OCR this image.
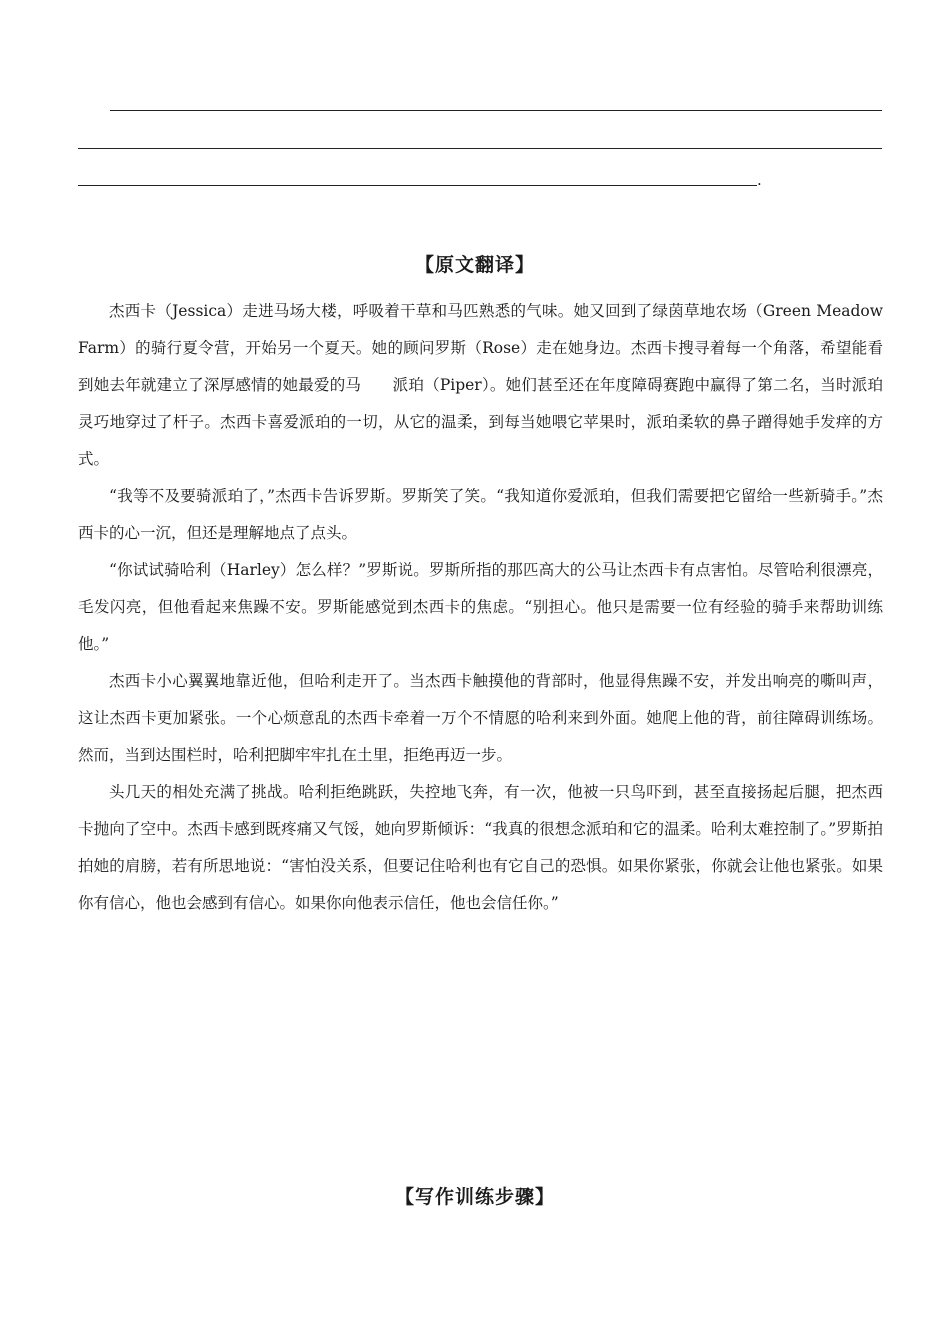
.
【原文翻译】

杰西卡（Jessica）走进马场大楼，呼吸着干草和马匹熟悉的气味。她又回到了绿茵草地农场（Green Meadow Farm）的骑行夏令营，开始另一个夏天。她的顾问罗斯（Rose）走在她身边。杰西卡搜寻着每一个角落，希望能看到她去年就建立了深厚感情的她最爱的马　　派珀（Piper）。她们甚至还在年度障碍赛跑中赢得了第二名，当时派珀灵巧地穿过了杆子。杰西卡喜爱派珀的一切，从它的温柔，到每当她喂它苹果时，派珀柔软的鼻子蹭得她手发痒的方式。

“我等不及要骑派珀了，”杰西卡告诉罗斯。罗斯笑了笑。“我知道你爱派珀，但我们需要把它留给一些新骑手。”杰西卡的心一沉，但还是理解地点了点头。

“你试试骑哈利（Harley）怎么样？”罗斯说。罗斯所指的那匹高大的公马让杰西卡有点害怕。尽管哈利很漂亮，毛发闪亮，但他看起来焦躁不安。罗斯能感觉到杰西卡的焦虑。“别担心。他只是需要一位有经验的骑手来帮助训练他。”

杰西卡小心翼翼地靠近他，但哈利走开了。当杰西卡触摸他的背部时，他显得焦躁不安，并发出响亮的嘶叫声，这让杰西卡更加紧张。一个心烦意乱的杰西卡牵着一万个不情愿的哈利来到外面。她爬上他的背，前往障碍训练场。然而，当到达围栏时，哈利把脚牢牢扎在土里，拒绝再迈一步。

头几天的相处充满了挑战。哈利拒绝跳跃，失控地飞奔，有一次，他被一只鸟吓到，甚至直接扬起后腿，把杰西卡抛向了空中。杰西卡感到既疼痛又气馁，她向罗斯倾诉：“我真的很想念派珀和它的温柔。哈利太难控制了。”罗斯拍拍她的肩膀，若有所思地说：“害怕没关系，但要记住哈利也有它自己的恐惧。如果你紧张，你就会让他也紧张。如果你有信心，他也会感到有信心。如果你向他表示信任，他也会信任你。”

【写作训练步骤】
